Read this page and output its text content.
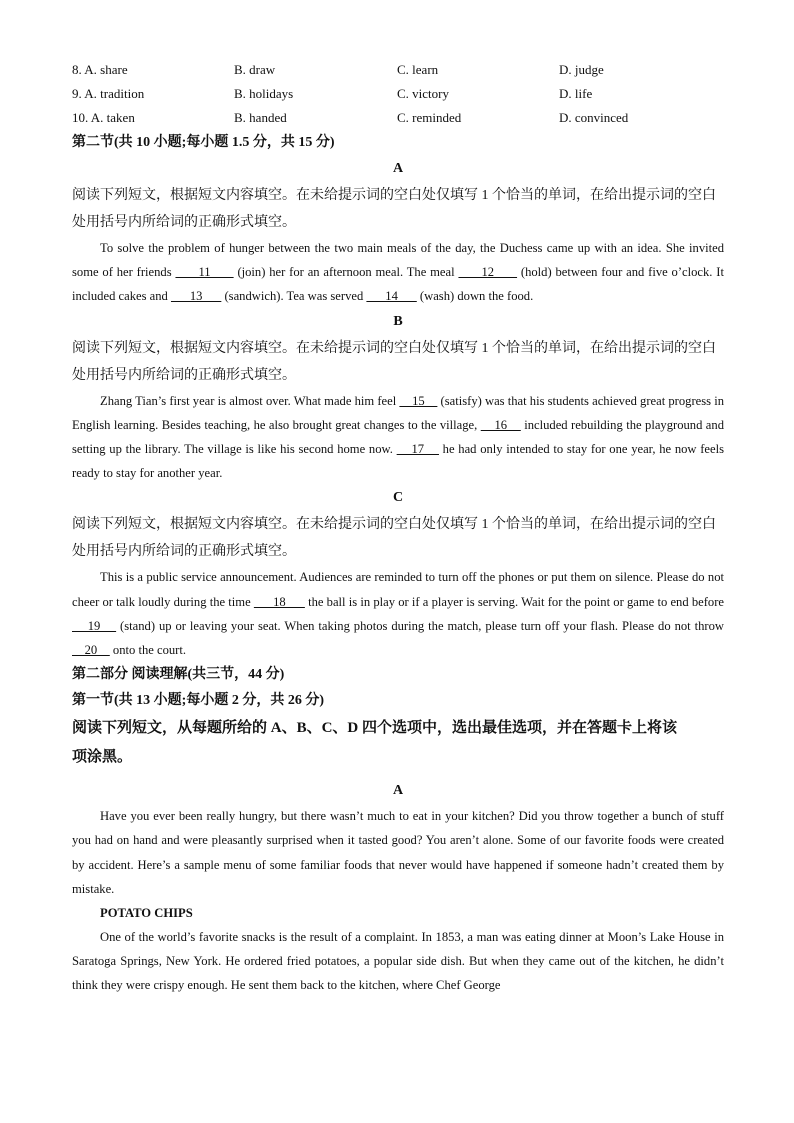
8. A. share	B. draw	C. learn	D. judge
9. A. tradition	B. holidays	C. victory	D. life
10. A. taken	B. handed	C. reminded	D. convinced
第二节(共 10 小题;每小题 1.5 分，共 15 分)
A
阅读下列短文，根据短文内容填空。在未给提示词的空白处仅填写 1 个恰当的单词，在给出提示词的空白
处用括号内所给词的正确形式填空。

To solve the problem of hunger between the two main meals of the day, the Duchess came up with an idea. She invited some of her friends       11       (join) her for an afternoon meal. The meal       12       (hold) between four and five o’clock. It included cakes and       13       (sandwich). Tea was served       14       (wash) down the food.

B
阅读下列短文，根据短文内容填空。在未给提示词的空白处仅填写 1 个恰当的单词，在给出提示词的空白
处用括号内所给词的正确形式填空。

Zhang Tian’s first year is almost over. What made him feel     15     (satisfy) was that his students achieved great progress in English learning. Besides teaching, he also brought great changes to the village,     16     included rebuilding the playground and setting up the library. The village is like his second home now.     17     he had only intended to stay for one year, he now feels ready to stay for another year.

C
阅读下列短文，根据短文内容填空。在未给提示词的空白处仅填写 1 个恰当的单词，在给出提示词的空白
处用括号内所给词的正确形式填空。

This is a public service announcement. Audiences are reminded to turn off the phones or put them on silence. Please do not cheer or talk loudly during the time       18       the ball is in play or if a player is serving. Wait for the point or game to end before     19     (stand) up or leaving your seat. When taking photos during the match, please turn off your flash. Please do not throw     20     onto the court.

第二部分 阅读理解(共三节，44 分)
第一节(共 13 小题;每小题 2 分，共 26 分)
阅读下列短文，从每题所给的 A、B、C、D 四个选项中，选出最佳选项，并在答题卡上将该
项涂黑。
A

Have you ever been really hungry, but there wasn’t much to eat in your kitchen? Did you throw together a bunch of stuff you had on hand and were pleasantly surprised when it tasted good? You aren’t alone. Some of our favorite foods were created by accident. Here’s a sample menu of some familiar foods that never would have happened if someone hadn’t created them by mistake.

POTATO CHIPS

One of the world’s favorite snacks is the result of a complaint. In 1853, a man was eating dinner at Moon’s Lake House in Saratoga Springs, New York. He ordered fried potatoes, a popular side dish. But when they came out of the kitchen, he didn’t think they were crispy enough. He sent them back to the kitchen, where Chef George
